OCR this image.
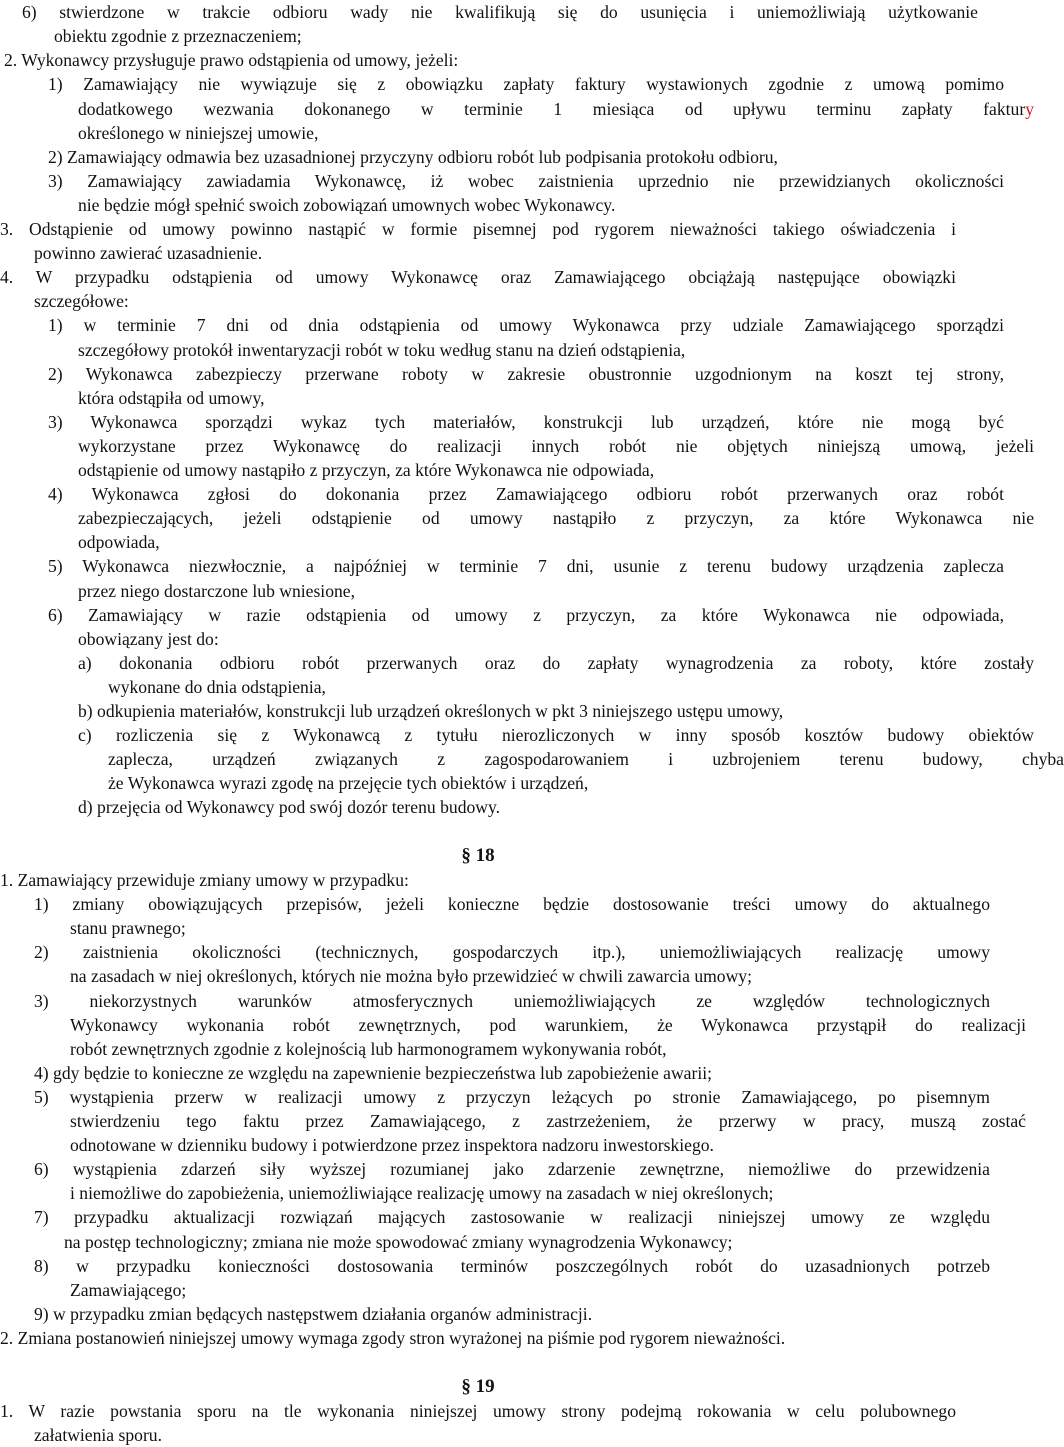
6) stwierdzone w trakcie odbioru wady nie kwalifikują się do usunięcia i uniemożliwiają użytkowanie
obiektu zgodnie z przeznaczeniem;
2. Wykonawcy przysługuje prawo odstąpienia od umowy, jeżeli:
1) Zamawiający nie wywiązuje się z obowiązku zapłaty faktury wystawionych zgodnie z umową pomimo
dodatkowego wezwania dokonanego w terminie 1 miesiąca od upływu terminu zapłaty faktury
określonego w niniejszej umowie,
2) Zamawiający odmawia bez uzasadnionej przyczyny odbioru robót lub podpisania protokołu odbioru,
3) Zamawiający zawiadamia Wykonawcę, iż wobec zaistnienia uprzednio nie przewidzianych okoliczności
nie będzie mógł spełnić swoich zobowiązań umownych wobec Wykonawcy.
3. Odstąpienie od umowy powinno nastąpić w formie pisemnej pod rygorem nieważności takiego oświadczenia i
powinno zawierać uzasadnienie.
4. W przypadku odstąpienia od umowy Wykonawcę oraz Zamawiającego obciążają następujące obowiązki
szczegółowe:
1) w terminie 7 dni od dnia odstąpienia od umowy Wykonawca przy udziale Zamawiającego sporządzi
szczegółowy protokół inwentaryzacji robót w toku według stanu na dzień odstąpienia,
2) Wykonawca zabezpieczy przerwane roboty w zakresie obustronnie uzgodnionym na koszt tej strony,
która odstąpiła od umowy,
3) Wykonawca sporządzi wykaz tych materiałów, konstrukcji lub urządzeń, które nie mogą być
wykorzystane przez Wykonawcę do realizacji innych robót nie objętych niniejszą umową, jeżeli
odstąpienie od umowy nastąpiło z przyczyn, za które Wykonawca nie odpowiada,
4) Wykonawca zgłosi do dokonania przez Zamawiającego odbioru robót przerwanych oraz robót
zabezpieczających, jeżeli odstąpienie od umowy nastąpiło z przyczyn, za które Wykonawca nie
odpowiada,
5) Wykonawca niezwłocznie, a najpóźniej w terminie 7 dni, usunie z terenu budowy urządzenia zaplecza
przez niego dostarczone lub wniesione,
6) Zamawiający w razie odstąpienia od umowy z przyczyn, za które Wykonawca nie odpowiada,
obowiązany jest do:
a) dokonania odbioru robót przerwanych oraz do zapłaty wynagrodzenia za roboty, które zostały
wykonane do dnia odstąpienia,
b) odkupienia materiałów, konstrukcji lub urządzeń określonych w pkt 3 niniejszego ustępu umowy,
c) rozliczenia się z Wykonawcą z tytułu nierozliczonych w inny sposób kosztów budowy obiektów
zaplecza, urządzeń związanych z zagospodarowaniem i uzbrojeniem terenu budowy, chyba
że Wykonawca wyrazi zgodę na przejęcie tych obiektów i urządzeń,
d) przejęcia od Wykonawcy pod swój dozór terenu budowy.
§ 18
1. Zamawiający przewiduje zmiany umowy w przypadku:
1) zmiany obowiązujących przepisów, jeżeli konieczne będzie dostosowanie treści umowy do aktualnego
stanu prawnego;
2) zaistnienia okoliczności (technicznych, gospodarczych itp.), uniemożliwiających realizację umowy
na zasadach w niej określonych, których nie można było przewidzieć w chwili zawarcia umowy;
3) niekorzystnych warunków atmosferycznych uniemożliwiających ze względów technologicznych
Wykonawcy wykonania robót zewnętrznych, pod warunkiem, że Wykonawca przystąpił do realizacji
robót zewnętrznych zgodnie z kolejnością lub harmonogramem wykonywania robót,
4) gdy będzie to konieczne ze względu na zapewnienie bezpieczeństwa lub zapobieżenie awarii;
5) wystąpienia przerw w realizacji umowy z przyczyn leżących po stronie Zamawiającego, po pisemnym
stwierdzeniu tego faktu przez Zamawiającego, z zastrzeżeniem, że przerwy w pracy, muszą zostać
odnotowane w dzienniku budowy i potwierdzone przez inspektora nadzoru inwestorskiego.
6) wystąpienia zdarzeń siły wyższej rozumianej jako zdarzenie zewnętrzne, niemożliwe do przewidzenia
i niemożliwe do zapobieżenia, uniemożliwiające realizację umowy na zasadach w niej określonych;
7) przypadku aktualizacji rozwiązań mających zastosowanie w realizacji niniejszej umowy ze względu
na postęp technologiczny; zmiana nie może spowodować zmiany wynagrodzenia Wykonawcy;
8) w przypadku konieczności dostosowania terminów poszczególnych robót do uzasadnionych potrzeb
Zamawiającego;
9) w przypadku zmian będących następstwem działania organów administracji.
2. Zmiana postanowień niniejszej umowy wymaga zgody stron wyrażonej na piśmie pod rygorem nieważności.
§ 19
1. W razie powstania sporu na tle wykonania niniejszej umowy strony podejmą rokowania w celu polubownego
załatwienia sporu.
